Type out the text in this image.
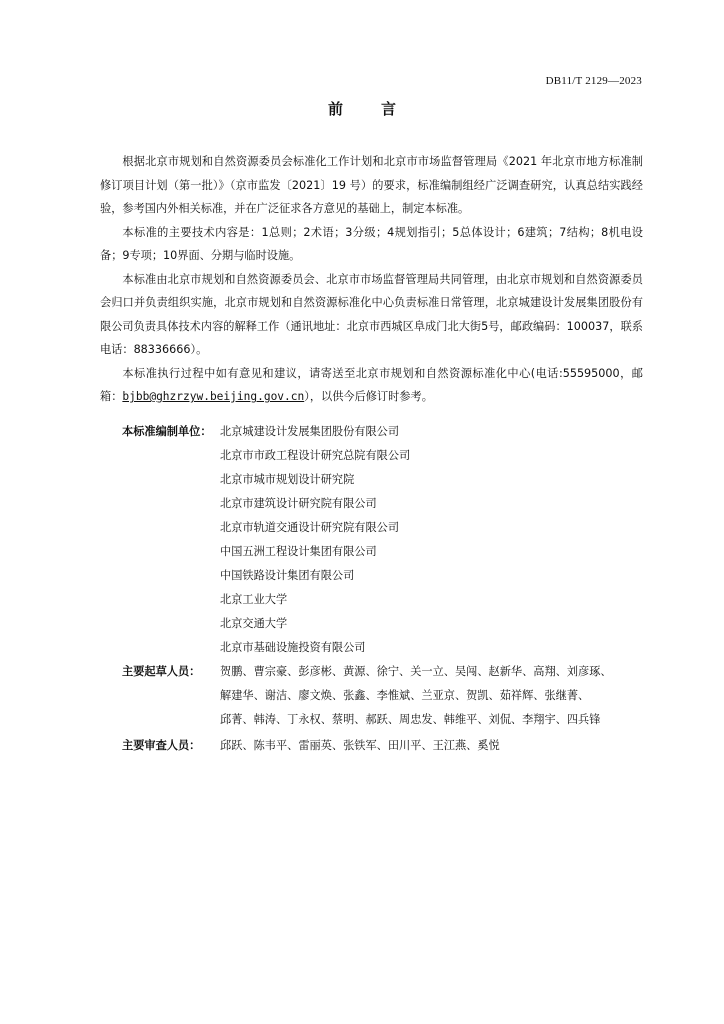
DB11/T 2129—2023
前言

根据北京市规划和自然资源委员会标准化工作计划和北京市市场监督管理局《2021 年北京市地方标准制修订项目计划（第一批）》（京市监发〔2021〕19 号）的要求，标准编制组经广泛调查研究，认真总结实践经验，参考国内外相关标准，并在广泛征求各方意见的基础上，制定本标准。

本标准的主要技术内容是：1总则；2术语；3分级；4规划指引；5总体设计；6建筑；7结构；8机电设备；9专项；10界面、分期与临时设施。

本标准由北京市规划和自然资源委员会、北京市市场监督管理局共同管理，由北京市规划和自然资源委员会归口并负责组织实施，北京市规划和自然资源标准化中心负责标准日常管理，北京城建设计发展集团股份有限公司负责具体技术内容的解释工作（通讯地址：北京市西城区阜成门北大街5号，邮政编码：100037，联系电话：88336666）。

本标准执行过程中如有意见和建议，请寄送至北京市规划和自然资源标准化中心(电话:55595000，邮箱：bjbb@ghzrzyw.beijing.gov.cn），以供今后修订时参考。

本标准编制单位： 北京城建设计发展集团股份有限公司
北京市市政工程设计研究总院有限公司
北京市城市规划设计研究院
北京市建筑设计研究院有限公司
北京市轨道交通设计研究院有限公司
中国五洲工程设计集团有限公司
中国铁路设计集团有限公司
北京工业大学
北京交通大学
北京市基础设施投资有限公司
主要起草人员：	贺鹏、曹宗豪、彭彦彬、黄源、徐宁、关一立、吴闯、赵新华、高翔、刘彦琢、
解建华、谢洁、廖文焕、张鑫、李惟斌、兰亚京、贺凯、茹祥辉、张继菁、
邱菁、韩涛、丁永权、蔡明、郝跃、周忠发、韩维平、刘侃、李翔宇、四兵锋
主要审查人员：	邱跃、陈韦平、雷丽英、张铁军、田川平、王江燕、奚悦
